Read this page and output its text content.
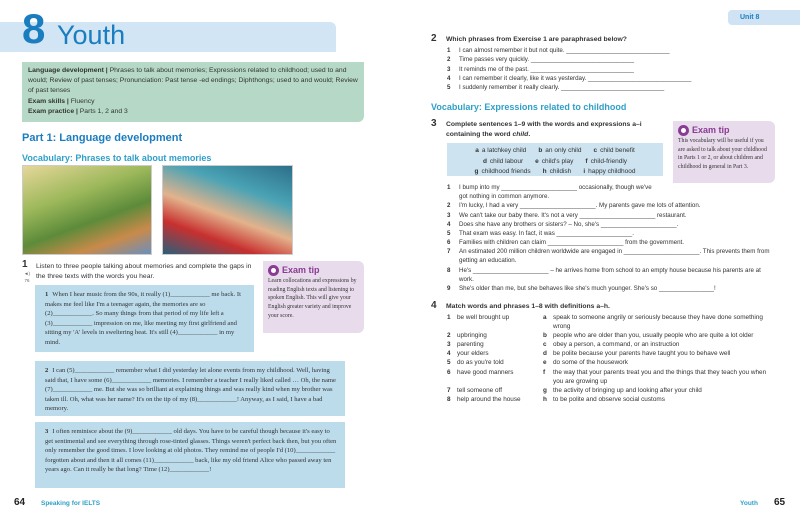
8 Youth
Language development | Phrases to talk about memories; Expressions related to childhood; used to and would; Review of past tenses; Pronunciation: Past tense -ed endings; Diphthongs; used to and would; Review of past tenses
Exam skills | Fluency
Exam practice | Parts 1, 2 and 3
Part 1: Language development
Vocabulary: Phrases to talk about memories
1
◄)
76
Listen to three people talking about memories and complete the gaps in the three texts with the words you hear.
Exam tip
Learn collocations and expressions by reading English texts and listening to spoken English. This will give your English greater variety and improve your score.
1 When I hear music from the 90s, it really (1)____________ me back. It makes me feel like I'm a teenager again, the memories are so (2)____________. So many things from that period of my life left a (3)____________ impression on me, like meeting my first girlfriend and sitting my 'A' levels in sweltering heat. It's still (4)____________ in my mind.
2 I can (5)____________ remember what I did yesterday let alone events from my childhood. Well, having said that, I have some (6)____________ memories. I remember a teacher I really liked called … Oh, the name (7)____________ me. But she was so brilliant at explaining things and was really kind when my brother was taken ill. Oh, what was her name? It's on the tip of my (8)____________! Anyway, as I said, I have a bad memory.
3 I often reminisce about the (9)____________ old days. You have to be careful though because it's easy to get sentimental and see everything through rose-tinted glasses. Things weren't perfect back then, but you often only remember the good times. I love looking at old photos. They remind me of people I'd (10)____________ forgotten about and then it all comes (11)____________ back, like my old friend Alice who passed away ten years ago. Can it really be that long? Time (12)____________!
64 Speaking for IELTS
Unit 8
2 Which phrases from Exercise 1 are paraphrased below?
1	I can almost remember it but not quite. ______________________________
2	Time passes very quickly. ______________________________
3	It reminds me of the past. ______________________________
4	I can remember it clearly, like it was yesterday. ______________________________
5	I suddenly remember it really clearly. ______________________________
Vocabulary: Expressions related to childhood
3 Complete sentences 1–9 with the words and expressions a–i containing the word child.
a a latchkey child b an only child c child benefit
d child labour e child's play f child-friendly
g childhood friends h childish i happy childhood
Exam tip
This vocabulary will be useful if you are asked to talk about your childhood in Parts 1 or 2, or about children and childhood in general in Part 3.
1	I bump into my ______________________ occasionally, though we've got nothing in common anymore.
2	I'm lucky, I had a very ______________________. My parents gave me lots of attention.
3	We can't take our baby there. It's not a very ______________________ restaurant.
4	Does she have any brothers or sisters? – No, she's ______________________.
5	That exam was easy. In fact, it was ______________________.
6	Families with children can claim ______________________ from the government.
7	An estimated 200 million children worldwide are engaged in ______________________. This prevents them from getting an education.
8	He's ______________________ – he arrives home from school to an empty house because his parents are at work.
9	She's older than me, but she behaves like she's much younger. She's so ________________!
4 Match words and phrases 1–8 with definitions a–h.
1	be well brought up	a	speak to someone angrily or seriously because they have done something wrong
2	upbringing	b people who are older than you, usually people who are quite a lot older
3	parenting	c	obey a person, a command, or an instruction
4	your elders	d be polite because your parents have taught you to behave well
5	do as you're told	e	do some of the housework
6	have good manners	f	the way that your parents treat you and the things that they teach you when you are growing up
7	tell someone off	g the activity of bringing up and looking after your child
8	help around the house	h to be polite and observe social customs
Youth 65
